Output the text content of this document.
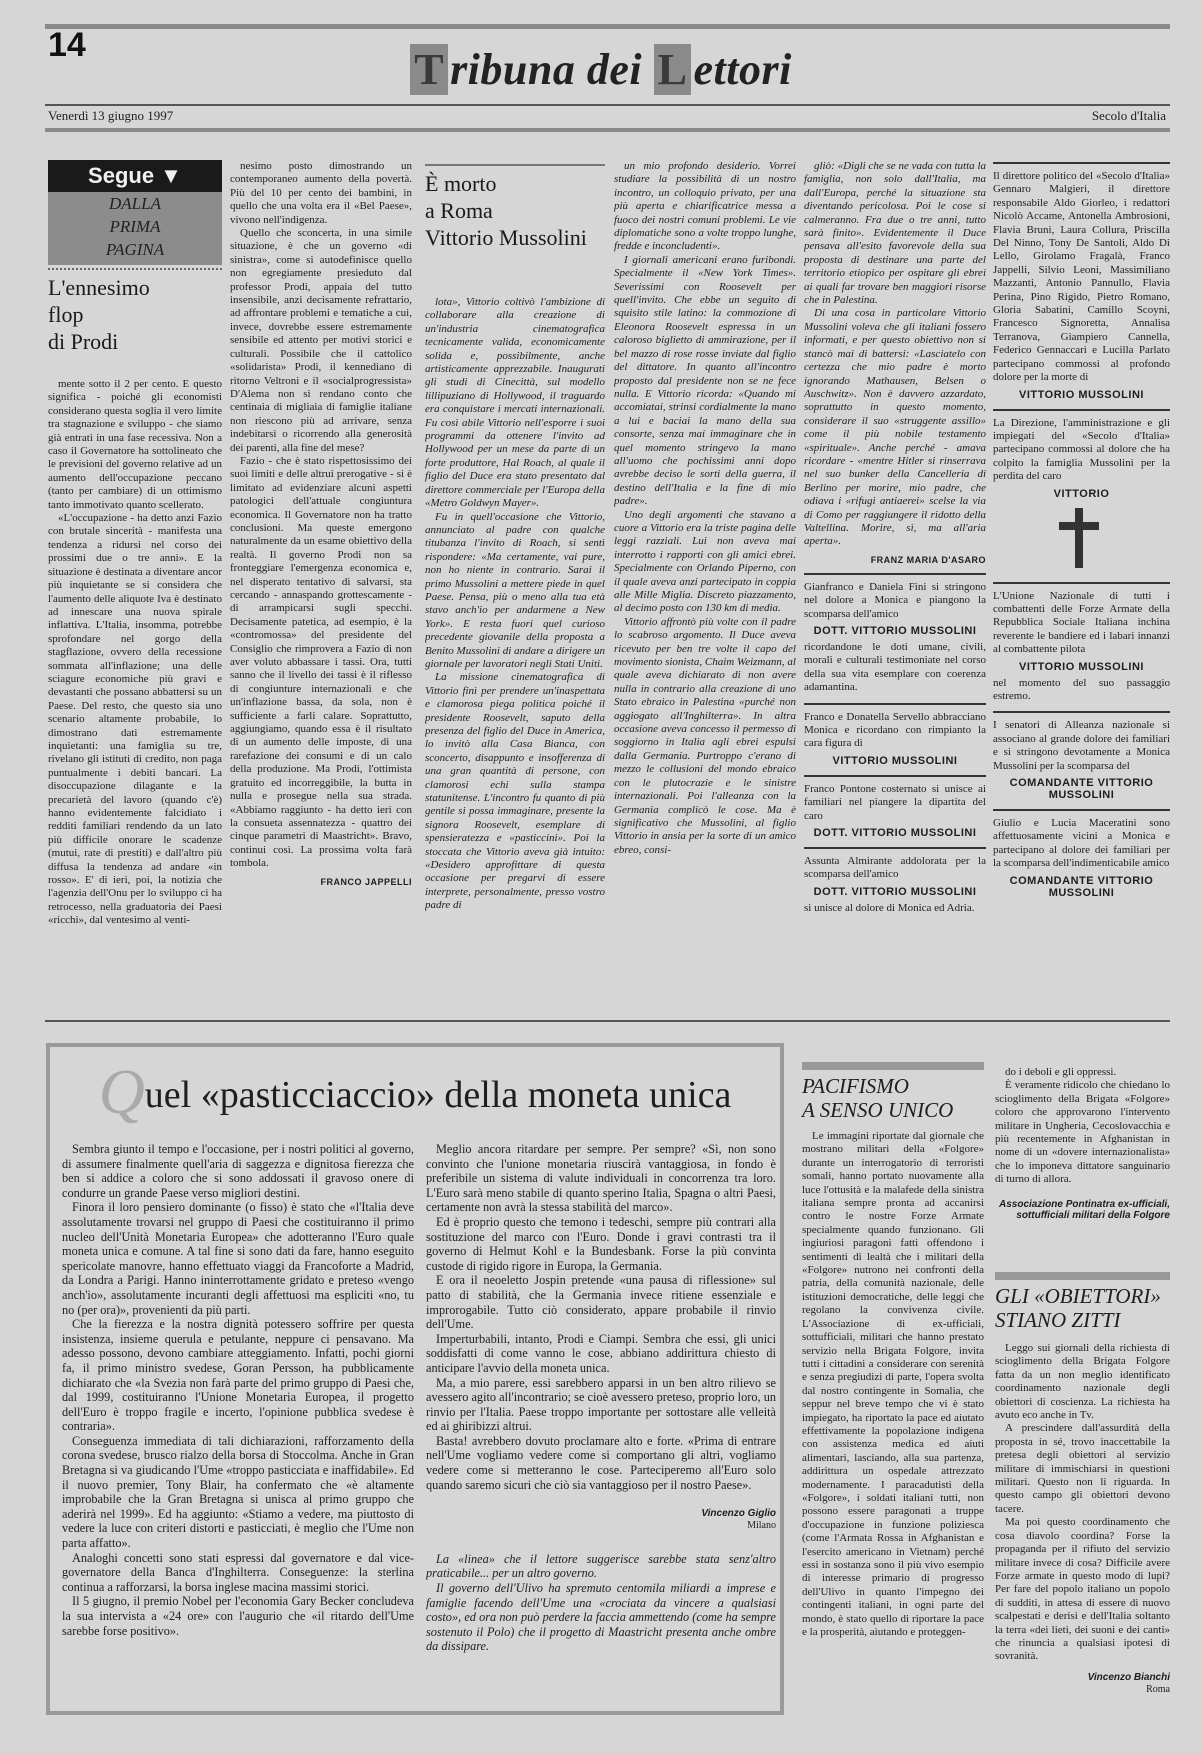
14	T ribuna dei L ettori
Venerdì 13 giugno 1997	Secolo d'Italia
Segue ▼
DALLA
PRIMA
PAGINA
L'ennesimo
flop
di Prodi

mente sotto il 2 per cento. E questo significa - poiché gli economisti considerano questa soglia il vero limite tra stagnazione e sviluppo - che siamo già entrati in una fase recessiva. Non a caso il Governatore ha sottolineato che le previsioni del governo relative ad un aumento dell'occupazione peccano (tanto per cambiare) di un ottimismo tanto immotivato quanto scellerato.

«L'occupazione - ha detto anzi Fazio con brutale sincerità - manifesta una tendenza a ridursi nel corso dei prossimi due o tre anni». E la situazione è destinata a diventare ancor più inquietante se si considera che l'aumento delle aliquote Iva è destinato ad innescare una nuova spirale inflattiva. L'Italia, insomma, potrebbe sprofondare nel gorgo della stagflazione, ovvero della recessione sommata all'inflazione; una delle sciagure economiche più gravi e devastanti che possano abbattersi su un Paese. Del resto, che questo sia uno scenario altamente probabile, lo dimostrano dati estremamente inquietanti: una famiglia su tre, rivelano gli istituti di credito, non paga puntualmente i debiti bancari. La disoccupazione dilagante e la precarietà del lavoro (quando c'è) hanno evidentemente falcidiato i redditi familiari rendendo da un lato più difficile onorare le scadenze (mutui, rate di prestiti) e dall'altro più diffusa la tendenza ad andare «in rosso». E' di ieri, poi, la notizia che l'agenzia dell'Onu per lo sviluppo ci ha retrocesso, nella graduatoria dei Paesi «ricchi», dal ventesimo al venti-

nesimo posto dimostrando un contemporaneo aumento della povertà. Più del 10 per cento dei bambini, in quello che una volta era il «Bel Paese», vivono nell'indigenza.

Quello che sconcerta, in una simile situazione, è che un governo «di sinistra», come si autodefinisce quello non egregiamente presieduto dal professor Prodi, appaia del tutto insensibile, anzi decisamente refrattario, ad affrontare problemi e tematiche a cui, invece, dovrebbe essere estremamente sensibile ed attento per motivi storici e culturali. Possibile che il cattolico «solidarista» Prodi, il kennediano di ritorno Veltroni e il «socialprogressista» D'Alema non si rendano conto che centinaia di migliaia di famiglie italiane non riescono più ad arrivare, senza indebitarsi o ricorrendo alla generosità dei parenti, alla fine del mese?

Fazio - che è stato rispettosissimo dei suoi limiti e delle altrui prerogative - si è limitato ad evidenziare alcuni aspetti patologici dell'attuale congiuntura economica. Il Governatore non ha tratto conclusioni. Ma queste emergono naturalmente da un esame obiettivo della realtà. Il governo Prodi non sa fronteggiare l'emergenza economica e, nel disperato tentativo di salvarsi, sta cercando - annaspando grottescamente - di arrampicarsi sugli specchi. Decisamente patetica, ad esempio, è la «contromossa» del presidente del Consiglio che rimprovera a Fazio di non aver voluto abbassare i tassi. Ora, tutti sanno che il livello dei tassi è il riflesso di congiunture internazionali e che un'inflazione bassa, da sola, non è sufficiente a farli calare. Soprattutto, aggiungiamo, quando essa è il risultato di un aumento delle imposte, di una rarefazione dei consumi e di un calo della produzione. Ma Prodi, l'ottimista gratuito ed incorreggibile, la butta in nulla e prosegue nella sua strada. «Abbiamo raggiunto - ha detto ieri con la consueta assennatezza - quattro dei cinque parametri di Maastricht». Bravo, continui così. La prossima volta farà tombola.

FRANCO JAPPELLI
È morto
a Roma
Vittorio Mussolini

lota», Vittorio coltivò l'ambizione di collaborare alla creazione di un'industria cinematografica tecnicamente valida, economicamente solida e, possibilmente, anche artisticamente apprezzabile. Inaugurati gli studi di Cinecittà, sul modello lillipuziano di Hollywood, il traguardo era conquistare i mercati internazionali. Fu così abile Vittorio nell'esporre i suoi programmi da ottenere l'invito ad Hollywood per un mese da parte di un forte produttore, Hal Roach, al quale il figlio del Duce era stato presentato dal direttore commerciale per l'Europa della «Metro Goldwyn Mayer».

Fu in quell'occasione che Vittorio, annunciato al padre con qualche titubanza l'invito di Roach, si sentì rispondere: «Ma certamente, vai pure, non ho niente in contrario. Sarai il primo Mussolini a mettere piede in quel Paese. Pensa, più o meno alla tua età stavo anch'io per andarmene a New York». E resta fuori quel curioso precedente giovanile della proposta a Benito Mussolini di andare a dirigere un giornale per lavoratori negli Stati Uniti.

La missione cinematografica di Vittorio finì per prendere un'inaspettata e clamorosa piega politica poiché il presidente Roosevelt, saputo della presenza del figlio del Duce in America, lo invitò alla Casa Bianca, con sconcerto, disappunto e insofferenza di una gran quantità di persone, con clamorosi echi sulla stampa statunitense. L'incontro fu quanto di più gentile si possa immaginare, presente la signora Roosevelt, esemplare di spensieratezza e «pasticcini». Poi la stoccata che Vittorio aveva già intuito: «Desidero approfittare di questa occasione per pregarvi di essere interprete, personalmente, presso vostro padre di

un mio profondo desiderio. Vorrei studiare la possibilità di un nostro incontro, un colloquio privato, per una più aperta e chiarificatrice messa a fuoco dei nostri comuni problemi. Le vie diplomatiche sono a volte troppo lunghe, fredde e inconcludenti».

I giornali americani erano furibondi. Specialmente il «New York Times». Severissimi con Roosevelt per quell'invito. Che ebbe un seguito di squisito stile latino: la commozione di Eleonora Roosevelt espressa in un caloroso biglietto di ammirazione, per il bel mazzo di rose rosse inviate dal figlio del dittatore. In quanto all'incontro proposto dal presidente non se ne fece nulla. E Vittorio ricorda: «Quando mi accomiatai, strinsi cordialmente la mano a lui e baciai la mano della sua consorte, senza mai immaginare che in quel momento stringevo la mano all'uomo che pochissimi anni dopo avrebbe deciso le sorti della guerra, il destino dell'Italia e la fine di mio padre».

Uno degli argomenti che stavano a cuore a Vittorio era la triste pagina delle leggi razziali. Lui non aveva mai interrotto i rapporti con gli amici ebrei. Specialmente con Orlando Piperno, con il quale aveva anzi partecipato in coppia alle Mille Miglia. Discreto piazzamento, al decimo posto con 130 km di media.

Vittorio affrontò più volte con il padre lo scabroso argomento. Il Duce aveva ricevuto per ben tre volte il capo del movimento sionista, Chaim Weizmann, al quale aveva dichiarato di non avere nulla in contrario alla creazione di uno Stato ebraico in Palestina «purché non aggiogato all'Inghilterra». In altra occasione aveva concesso il permesso di soggiorno in Italia agli ebrei espulsi dalla Germania. Purtroppo c'erano di mezzo le collusioni del mondo ebraico con le plutocrazie e le sinistre internazionali. Poi l'alleanza con la Germania complicò le cose. Ma è significativo che Mussolini, al figlio Vittorio in ansia per la sorte di un amico ebreo, consi-

gliò: «Digli che se ne vada con tutta la famiglia, non solo dall'Italia, ma dall'Europa, perché la situazione sta diventando pericolosa. Poi le cose si calmeranno. Fra due o tre anni, tutto sarà finito». Evidentemente il Duce pensava all'esito favorevole della sua proposta di destinare una parte del territorio etiopico per ospitare gli ebrei ai quali far trovare ben maggiori risorse che in Palestina.

Di una cosa in particolare Vittorio Mussolini voleva che gli italiani fossero informati, e per questo obiettivo non si stancò mai di battersi: «Lasciatelo con certezza che mio padre è morto ignorando Mathausen, Belsen o Auschwitz». Non è davvero azzardato, soprattutto in questo momento, considerare il suo «struggente assillo» come il più nobile testamento «spirituale». Anche perché - amava ricordare - «mentre Hitler si rinserrava nel suo bunker della Cancelleria di Berlino per morire, mio padre, che odiava i «rifugi antiaerei» scelse la via di Como per raggiungere il ridotto della Valtellina. Morire, sì, ma all'aria aperta».

FRANZ MARIA D'ASARO

Gianfranco e Daniela Fini si stringono nel dolore a Monica e piangono la scomparsa dell'amico

DOTT. VITTORIO MUSSOLINI

ricordandone le doti umane, civili, morali e culturali testimoniate nel corso della sua vita esemplare con coerenza adamantina.

Franco e Donatella Servello abbracciano Monica e ricordano con rimpianto la cara figura di

VITTORIO MUSSOLINI

Franco Pontone costernato si unisce ai familiari nel piangere la dipartita del caro

DOTT. VITTORIO MUSSOLINI

Assunta Almirante addolorata per la scomparsa dell'amico

DOTT. VITTORIO MUSSOLINI

si unisce al dolore di Monica ed Adria.

Il direttore politico del «Secolo d'Italia» Gennaro Malgieri, il direttore responsabile Aldo Giorleo, i redattori Nicolò Accame, Antonella Ambrosioni, Flavia Bruni, Laura Collura, Priscilla Del Ninno, Tony De Santoli, Aldo Di Lello, Girolamo Fragalà, Franco Jappelli, Silvio Leoni, Massimiliano Mazzanti, Antonio Pannullo, Flavia Perina, Pino Rigido, Pietro Romano, Gloria Sabatini, Camillo Scoyni, Francesco Signoretta, Annalisa Terranova, Giampiero Cannella, Federico Gennaccari e Lucilla Parlato partecipano commossi al profondo dolore per la morte di

VITTORIO MUSSOLINI

La Direzione, l'amministrazione e gli impiegati del «Secolo d'Italia» partecipano commossi al dolore che ha colpito la famiglia Mussolini per la perdita del caro

VITTORIO

L'Unione Nazionale di tutti i combattenti delle Forze Armate della Repubblica Sociale Italiana inchina reverente le bandiere ed i labari innanzi al combattente pilota

VITTORIO MUSSOLINI

nel momento del suo passaggio estremo.

I senatori di Alleanza nazionale si associano al grande dolore dei familiari e si stringono devotamente a Monica Mussolini per la scomparsa del

COMANDANTE VITTORIO MUSSOLINI

Giulio e Lucia Maceratini sono affettuosamente vicini a Monica e partecipano al dolore dei familiari per la scomparsa dell'indimenticabile amico

COMANDANTE VITTORIO MUSSOLINI
Quel «pasticciaccio» della moneta unica

Sembra giunto il tempo e l'occasione, per i nostri politici al governo, di assumere finalmente quell'aria di saggezza e dignitosa fierezza che ben si addice a coloro che si sono addossati il gravoso onere di condurre un grande Paese verso migliori destini.

Finora il loro pensiero dominante (o fisso) è stato che «l'Italia deve assolutamente trovarsi nel gruppo di Paesi che costituiranno il primo nucleo dell'Unità Monetaria Europea» che adotteranno l'Euro quale moneta unica e comune. A tal fine si sono dati da fare, hanno eseguito spericolate manovre, hanno effettuato viaggi da Francoforte a Madrid, da Londra a Parigi. Hanno ininterrottamente gridato e preteso «vengo anch'io», assolutamente incuranti degli affettuosi ma espliciti «no, tu no (per ora)», provenienti da più parti.

Che la fierezza e la nostra dignità potessero soffrire per questa insistenza, insieme querula e petulante, neppure ci pensavano. Ma adesso possono, devono cambiare atteggiamento. Infatti, pochi giorni fa, il primo ministro svedese, Goran Persson, ha pubblicamente dichiarato che «la Svezia non farà parte del primo gruppo di Paesi che, dal 1999, costituiranno l'Unione Monetaria Europea, il progetto dell'Euro è troppo fragile e incerto, l'opinione pubblica svedese è contraria».

Conseguenza immediata di tali dichiarazioni, rafforzamento della corona svedese, brusco rialzo della borsa di Stoccolma. Anche in Gran Bretagna si va giudicando l'Ume «troppo pasticciata e inaffidabile». Ed il nuovo premier, Tony Blair, ha confermato che «è altamente improbabile che la Gran Bretagna si unisca al primo gruppo che aderirà nel 1999». Ed ha aggiunto: «Stiamo a vedere, ma piuttosto di vedere la luce con criteri distorti e pasticciati, è meglio che l'Ume non parta affatto».

Analoghi concetti sono stati espressi dal governatore e dal vice-governatore della Banca d'Inghilterra. Conseguenze: la sterlina continua a rafforzarsi, la borsa inglese macina massimi storici.

Il 5 giugno, il premio Nobel per l'economia Gary Becker concludeva la sua intervista a «24 ore» con l'augurio che «il ritardo dell'Ume sarebbe forse positivo».

Meglio ancora ritardare per sempre. Per sempre? «Sì, non sono convinto che l'unione monetaria riuscirà vantaggiosa, in fondo è preferibile un sistema di valute individuali in concorrenza tra loro. L'Euro sarà meno stabile di quanto sperino Italia, Spagna o altri Paesi, certamente non avrà la stessa stabilità del marco».

Ed è proprio questo che temono i tedeschi, sempre più contrari alla sostituzione del marco con l'Euro. Donde i gravi contrasti tra il governo di Helmut Kohl e la Bundesbank. Forse la più convinta custode di rigido rigore in Europa, la Germania.

E ora il neoeletto Jospin pretende «una pausa di riflessione» sul patto di stabilità, che la Germania invece ritiene essenziale e improrogabile. Tutto ciò considerato, appare probabile il rinvio dell'Ume.

Imperturbabili, intanto, Prodi e Ciampi. Sembra che essi, gli unici soddisfatti di come vanno le cose, abbiano addirittura chiesto di anticipare l'avvio della moneta unica.

Ma, a mio parere, essi sarebbero apparsi in un ben altro rilievo se avessero agito all'incontrario; se cioè avessero preteso, proprio loro, un rinvio per l'Italia. Paese troppo importante per sottostare alle velleità ed ai ghiribizzi altrui.

Basta! avrebbero dovuto proclamare alto e forte. «Prima di entrare nell'Ume vogliamo vedere come si comportano gli altri, vogliamo vedere come si metteranno le cose. Parteciperemo all'Euro solo quando saremo sicuri che ciò sia vantaggioso per il nostro Paese».

Vincenzo Giglio
Milano

La «linea» che il lettore suggerisce sarebbe stata senz'altro praticabile... per un altro governo.

Il governo dell'Ulivo ha spremuto centomila miliardi a imprese e famiglie facendo dell'Ume una «crociata da vincere a qualsiasi costo», ed ora non può perdere la faccia ammettendo (come ha sempre sostenuto il Polo) che il progetto di Maastricht presenta anche ombre da dissipare.

PACIFISMO
A SENSO UNICO

Le immagini riportate dal giornale che mostrano militari della «Folgore» durante un interrogatorio di terroristi somali, hanno portato nuovamente alla luce l'ottusità e la malafede della sinistra italiana sempre pronta ad accanirsi contro le nostre Forze Armate specialmente quando funzionano. Gli ingiuriosi paragoni fatti offendono i sentimenti di lealtà che i militari della «Folgore» nutrono nei confronti della patria, della comunità nazionale, delle istituzioni democratiche, delle leggi che regolano la convivenza civile. L'Associazione di ex-ufficiali, sottufficiali, militari che hanno prestato servizio nella Brigata Folgore, invita tutti i cittadini a considerare con serenità e senza pregiudizi di parte, l'opera svolta dal nostro contingente in Somalia, che seppur nel breve tempo che vi è stato impiegato, ha riportato la pace ed aiutato effettivamente la popolazione indigena con assistenza medica ed aiuti alimentari, lasciando, alla sua partenza, addirittura un ospedale attrezzato modernamente. I paracadutisti della «Folgore», i soldati italiani tutti, non possono essere paragonati a truppe d'occupazione in funzione poliziesca (come l'Armata Rossa in Afghanistan e l'esercito americano in Vietnam) perché essi in sostanza sono il più vivo esempio di interesse primario di progresso dell'Ulivo in quanto l'impegno dei contingenti italiani, in ogni parte del mondo, è stato quello di riportare la pace e la prosperità, aiutando e proteggen-

do i deboli e gli oppressi.

È veramente ridicolo che chiedano lo scioglimento della Brigata «Folgore» coloro che approvarono l'intervento militare in Ungheria, Cecoslovacchia e più recentemente in Afghanistan in nome di un «dovere internazionalista» che lo imponeva dittatore sanguinario di turno di allora.

Associazione Pontinatra ex-ufficiali, sottufficiali militari della Folgore
GLI «OBIETTORI»
STIANO ZITTI

Leggo sui giornali della richiesta di scioglimento della Brigata Folgore fatta da un non meglio identificato coordinamento nazionale degli obiettori di coscienza. La richiesta ha avuto eco anche in Tv.

A prescindere dall'assurdità della proposta in sé, trovo inaccettabile la pretesa degli obiettori al servizio militare di immischiarsi in questioni militari. Questo non li riguarda. In questo campo gli obiettori devono tacere.

Ma poi questo coordinamento che cosa diavolo coordina? Forse la propaganda per il rifiuto del servizio militare invece di cosa? Difficile avere Forze armate in questo modo di lupi? Per fare del popolo italiano un popolo di sudditi, in attesa di essere di nuovo scalpestati e derisi e dell'Italia soltanto la terra «dei lieti, dei suoni e dei canti» che rinuncia a qualsiasi ipotesi di sovranità.

Vincenzo Bianchi
Roma
